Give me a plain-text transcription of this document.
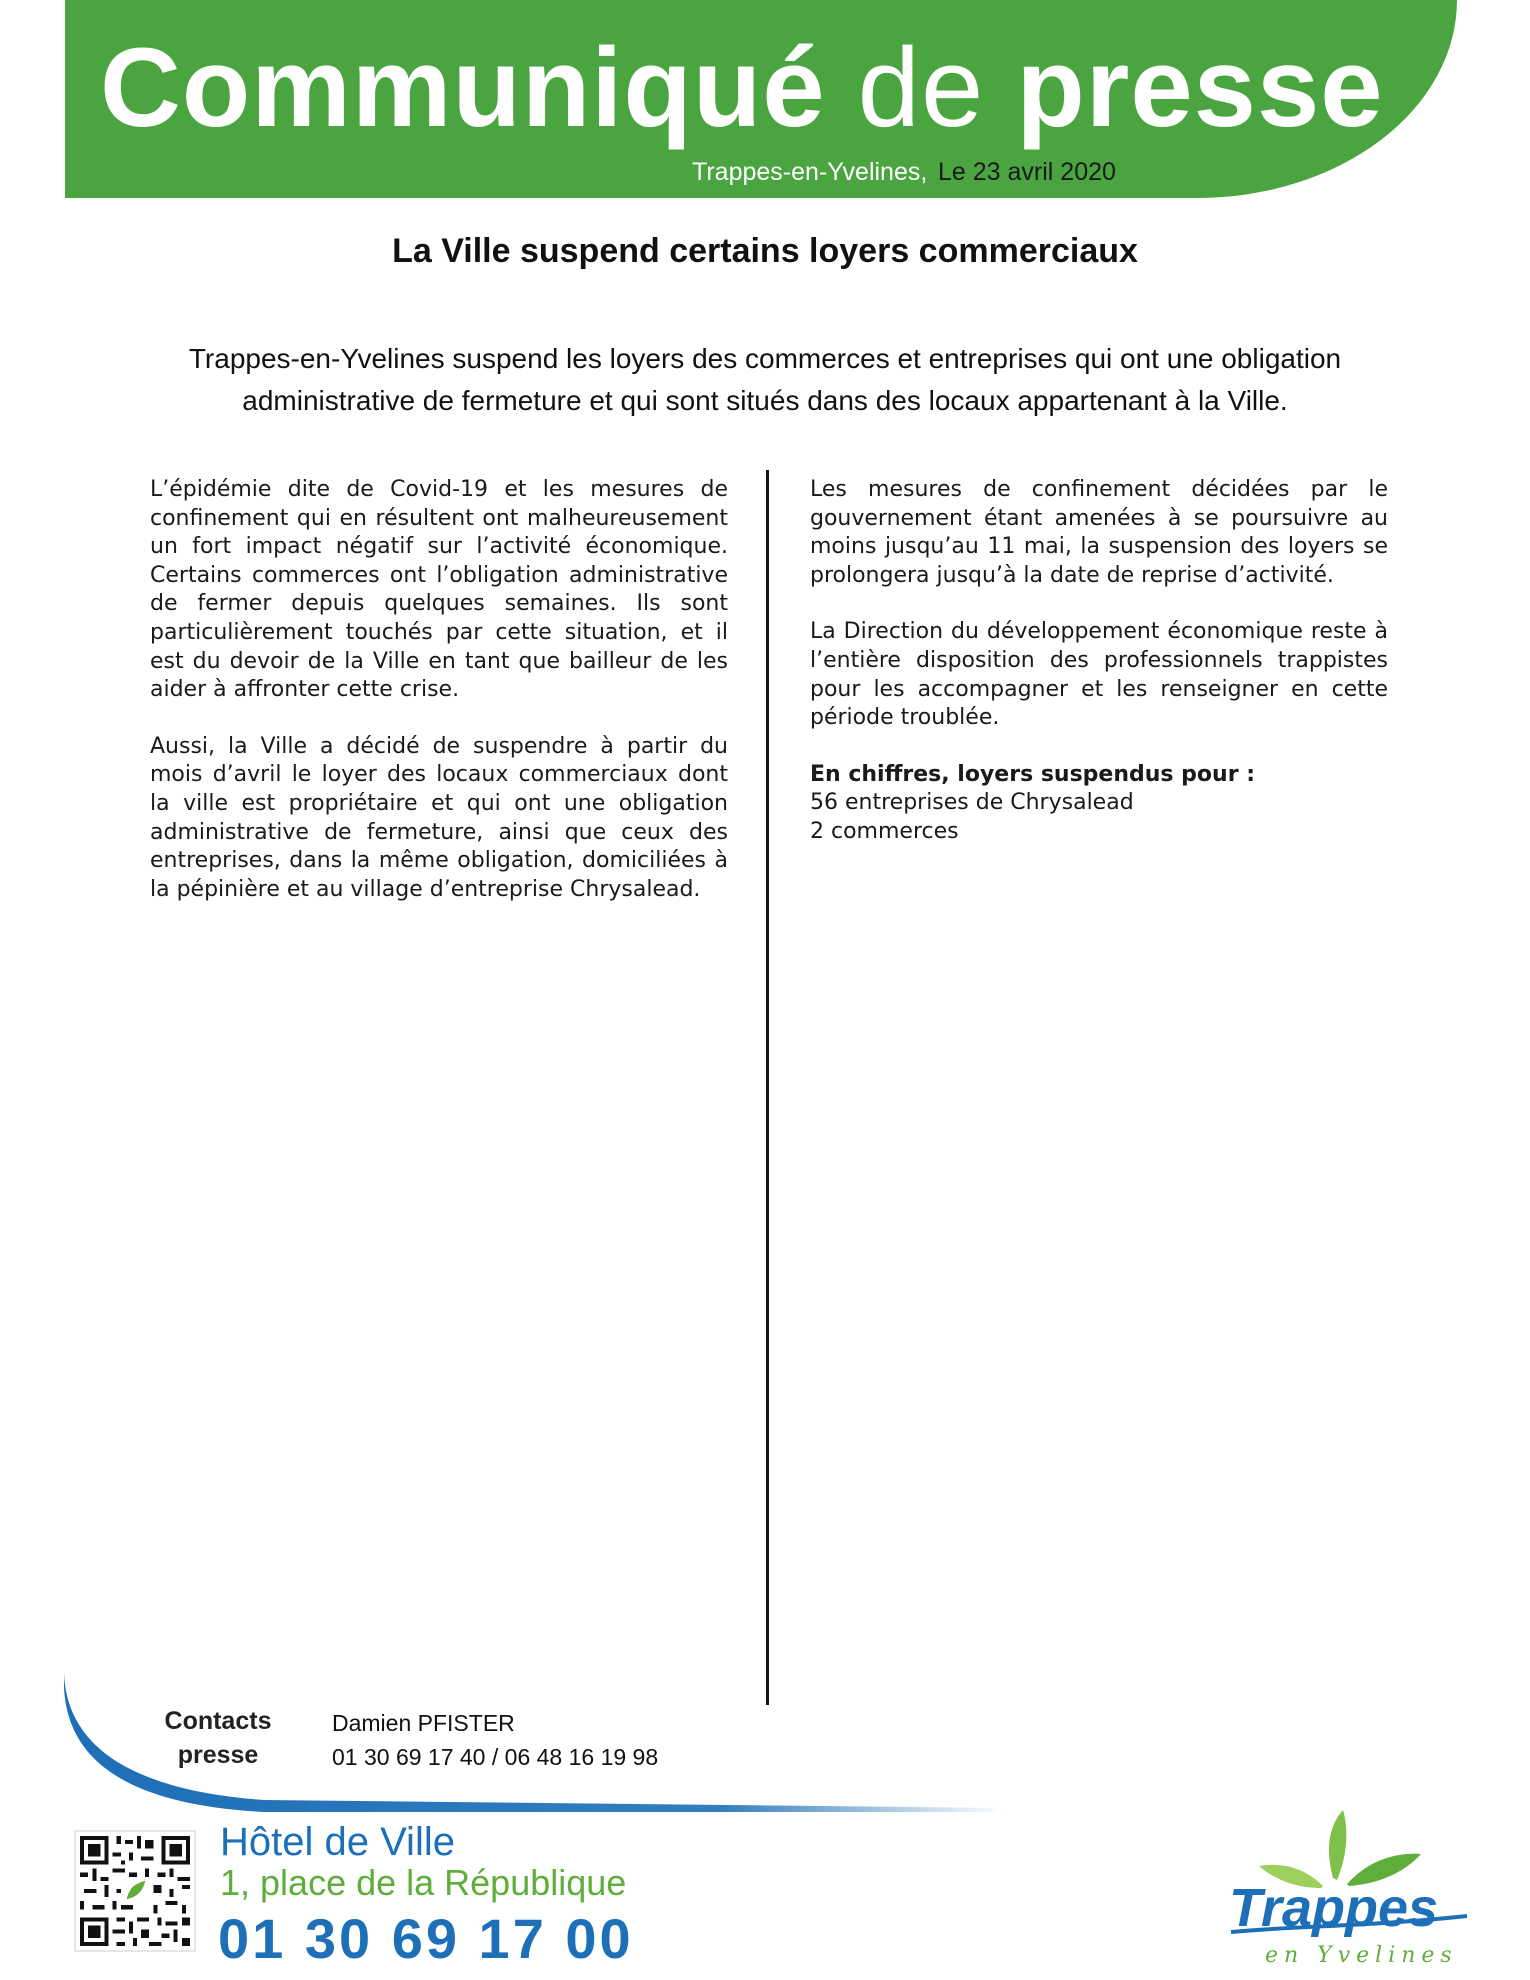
Communiqué de presse
Trappes-en-Yvelines, Le 23 avril 2020
La Ville suspend certains loyers commerciaux
Trappes-en-Yvelines suspend les loyers des commerces et entreprises qui ont une obligation administrative de fermeture et qui sont situés dans des locaux appartenant à la Ville.

L’épidémie dite de Covid-19 et les mesures de confinement qui en résultent ont malheureusement un fort impact négatif sur l’activité économique. Certains commerces ont l’obligation administrative de fermer depuis quelques semaines. Ils sont particulièrement touchés par cette situation, et il est du devoir de la Ville en tant que bailleur de les aider à affronter cette crise.

Aussi, la Ville a décidé de suspendre à partir du mois d’avril le loyer des locaux commerciaux dont la ville est propriétaire et qui ont une obligation administrative de fermeture, ainsi que ceux des entreprises, dans la même obligation, domiciliées à la pépinière et au village d’entreprise Chrysalead.

Les mesures de confinement décidées par le gouvernement étant amenées à se poursuivre au moins jusqu’au 11 mai, la suspension des loyers se prolongera jusqu’à la date de reprise d’activité.

La Direction du développement économique reste à l’entière disposition des professionnels trappistes pour les accompagner et les renseigner en cette période troublée.

En chiffres, loyers suspendus pour :
56 entreprises de Chrysalead
2 commerces

Contacts
presse
Damien PFISTER
01 30 69 17 40 / 06 48 16 19 98
Hôtel de Ville
1, place de la République
01 30 69 17 00	Trappes
en Yvelines
